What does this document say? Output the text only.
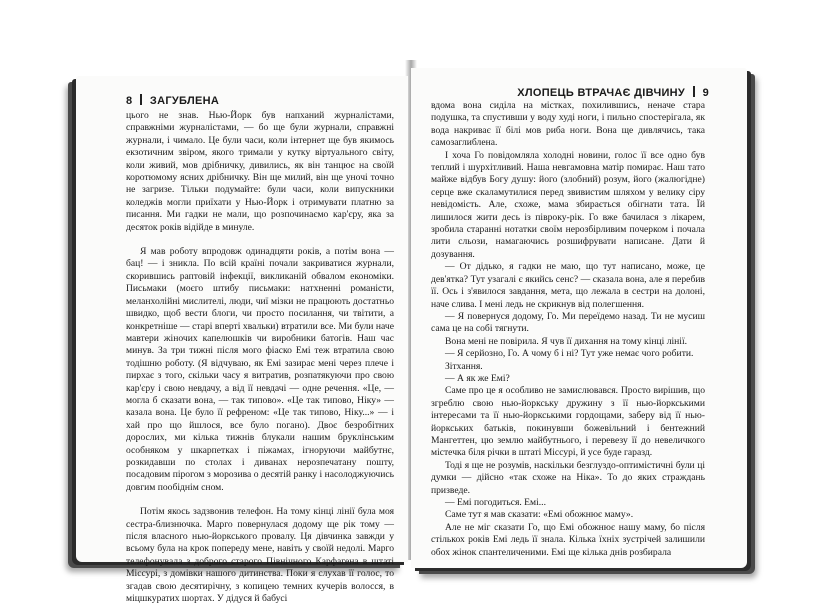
8 ЗАГУБЛЕНА

цього не знав. Нью-Йорк був напханий журналістами, справжніми журналістами, — бо ще були журнали, справжні журнали, і чимало. Це були часи, коли інтернет ще був якимось екзотичним звіром, якого тримали у кутку віртуального світу, коли живий, мов дрібничку, дивились, як він танцює на своїй коротюмому ясних дрібничку. Він ще милий, він ще уночі точно не загризе. Тільки подумайте: були часи, коли випускники коледжів могли приїхати у Нью-Йорк і отримувати платню за писання. Ми гадки не мали, що розпочинаємо кар'єру, яка за десяток років відійде в минуле.

Я мав роботу впродовж одинадцяти років, а потім вона — бац! — і зникла. По всій країні почали закриватися журнали, скорившись раптовій інфекції, викликаній обвалом економіки. Письмаки (моєго штибу письмаки: натхненні романісти, меланхолійні мислителі, люди, чиї мізки не працюють достатньо швидко, щоб вести блоги, чи просто посилання, чи твітити, а конкретніше — старі вперті хвальки) втратили все. Ми були наче мавтери жіночих капелюшків чи виробники батогів. Наш час минув. За три тижні після мого фіаско Емі теж втратила свою тодішню роботу. (Я відчуваю, як Емі зазирає мені через плече і пирхає з того, скільки часу я витратив, розпатякуючи про свою кар'єру і свою невдачу, а від її невдачі — одне речення. «Це, — могла б сказати вона, — так типово». «Це так типово, Ніку» — казала вона. Це було її рефреном: «Це так типово, Ніку...» — і хай про що йшлося, все було погано). Двоє безробітних дорослих, ми кілька тижнів блукали нашим бруклінським особняком у шкарпетках і піжамах, ігноруючи майбутнє, розкидавши по столах і диванах нерозпечатану пошту, посадовим пірогом з морозива о десятій ранку і насолоджуючись довгим пообіднім сном.

Потім якось задзвонив телефон. На тому кінці лінії була моя сестра-близнючка. Марго повернулася додому ще рік тому — після власного нью-йоркського провалу. Ця дівчинка завжди у всьому була на крок попереду мене, навіть у своїй недолі. Марго телефонувала з доброго старого Північного Карфагена в штаті Міссурі, з домівки нашого дитинства. Поки я слухав її голос, то згадав свою десятирічну, з копицею темних кучерів волосся, в міцшкуратих шортах. У дідуся й бабусі

ХЛОПЕЦЬ ВТРАЧАЄ ДІВЧИНУ 9

вдома вона сиділа на місткaх, похилившись, неначе стара подушка, та спустивши у воду худі ноги, і пильно спостерігала, як вода накриває її білі мов риба ноги. Вона ще дивлячись, така самозаглиблена.

І хоча Го повідомляла холодні новини, голос її все одно був теплий і шурхітливий. Наша невгамовна матір помирає. Наш тато майже відбув Богу душу: його (злобний) розум, його (жалюгідне) серце вже скаламутилися перед звивистим шляхом у велику сіру невідомість. Але, схоже, мама збирається обігнати тата. Їй лишилося жити десь із півроку-рік. Го вже бачилася з лікарем, зробила старанні нотатки своїм нерозбірливим почерком і почала лити сльози, намагаючись розшифрувати написане. Дати й дозування.

— От дідько, я гадки не маю, що тут написано, може, це дев'ятка? Тут узагалі є якийсь сенс? — сказала вона, але я перебив її. Ось і з'явилося завдання, мета, що лежала в сестри на долоні, наче слива. І мені ледь не скрикнув від полегшення.

— Я повернуся додому, Го. Ми переїдемо назад. Ти не мусиш сама це на собі тягнути.

Вона мені не повірила. Я чув її дихання на тому кінці лінії.

— Я серйозно, Го. А чому б і ні? Тут уже немає чого робити.

Зітхання.

— А як же Емі?

Саме про це я особливо не замислювався. Просто вирішив, що згреблю свою нью-йоркську дружину з її нью-йоркськими інтересами та її нью-йоркськими гордощами, заберу від її нью-йоркських батьків, покинувши божевільний і бентежний Мангеттен, цю землю майбутнього, і перевезу її до невеличкого містечка біля річки в штаті Міссурі, й усе буде гаразд.

Тоді я ще не розумів, наскільки безглуздо-оптимістичні були ці думки — дійсно «так схоже на Ніка». То до яких страждань призведе.

— Емі погодиться. Емі...

Саме тут я мав сказати: «Емі обожнює маму».

Але не міг сказати Го, що Емі обожнює нашу маму, бо після стількох років Емі ледь її знала. Кілька їхніх зустрічей залишили обох жінок спантеличеними. Емі ще кілька днів розбирала
